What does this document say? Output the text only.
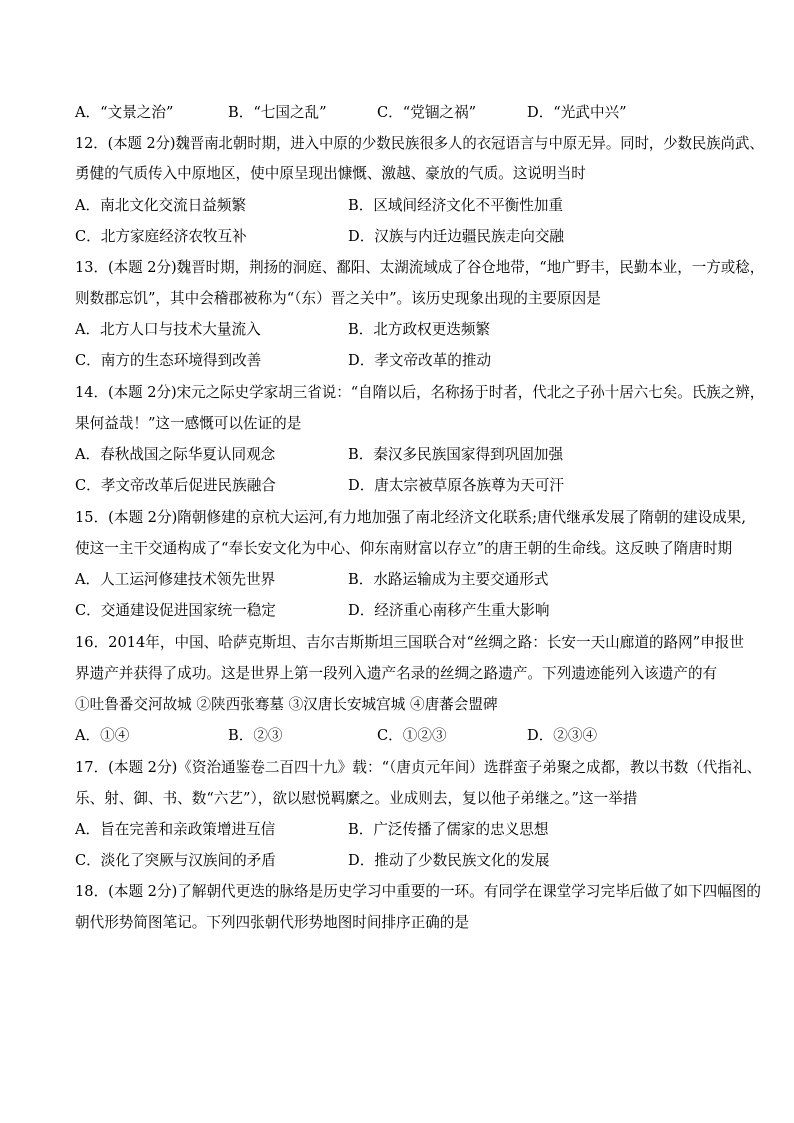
A．“文景之治”	B．“七国之乱”	C．“党锢之祸”	D．“光武中兴”
12．(本题 2分)魏晋南北朝时期，进入中原的少数民族很多人的衣冠语言与中原无异。同时，少数民族尚武、
勇健的气质传入中原地区，使中原呈现出慷慨、激越、豪放的气质。这说明当时
A．南北文化交流日益频繁	B．区域间经济文化不平衡性加重
C．北方家庭经济农牧互补	D．汉族与内迁边疆民族走向交融
13．(本题 2分)魏晋时期，荆扬的洞庭、鄱阳、太湖流域成了谷仓地带，“地广野丰，民勤本业，一方或稔，
则数郡忘饥”，其中会稽郡被称为“（东）晋之关中”。该历史现象出现的主要原因是
A．北方人口与技术大量流入	B．北方政权更迭频繁
C．南方的生态环境得到改善	D．孝文帝改革的推动
14．(本题 2分)宋元之际史学家胡三省说：“自隋以后，名称扬于时者，代北之子孙十居六七矣。氏族之辨，
果何益哉！”这一感慨可以佐证的是
A．春秋战国之际华夏认同观念	B．秦汉多民族国家得到巩固加强
C．孝文帝改革后促进民族融合	D．唐太宗被草原各族尊为天可汗
15．(本题 2分)隋朝修建的京杭大运河,有力地加强了南北经济文化联系;唐代继承发展了隋朝的建设成果,
使这一主干交通构成了“奉长安文化为中心、仰东南财富以存立”的唐王朝的生命线。这反映了隋唐时期
A．人工运河修建技术领先世界	B．水路运输成为主要交通形式
C．交通建设促进国家统一稳定	D．经济重心南移产生重大影响
16．2014年，中国、哈萨克斯坦、吉尔吉斯斯坦三国联合对“丝绸之路：长安一天山廊道的路网”申报世
界遗产并获得了成功。这是世界上第一段列入遗产名录的丝绸之路遗产。下列遗迹能列入该遗产的有
①吐鲁番交河故城 ②陕西张骞墓 ③汉唐长安城宫城 ④唐蕃会盟碑
A．①④	B．②③	C．①②③	D．②③④
17．(本题 2分)《资治通鉴卷二百四十九》载：“（唐贞元年间）选群蛮子弟聚之成都，教以书数（代指礼、
乐、射、御、书、数“六艺”），欲以慰悦羁縻之。业成则去，复以他子弟继之。”这一举措
A．旨在完善和亲政策增进互信	B．广泛传播了儒家的忠义思想
C．淡化了突厥与汉族间的矛盾	D．推动了少数民族文化的发展
18．(本题 2分)了解朝代更迭的脉络是历史学习中重要的一环。有同学在课堂学习完毕后做了如下四幅图的
朝代形势简图笔记。下列四张朝代形势地图时间排序正确的是
